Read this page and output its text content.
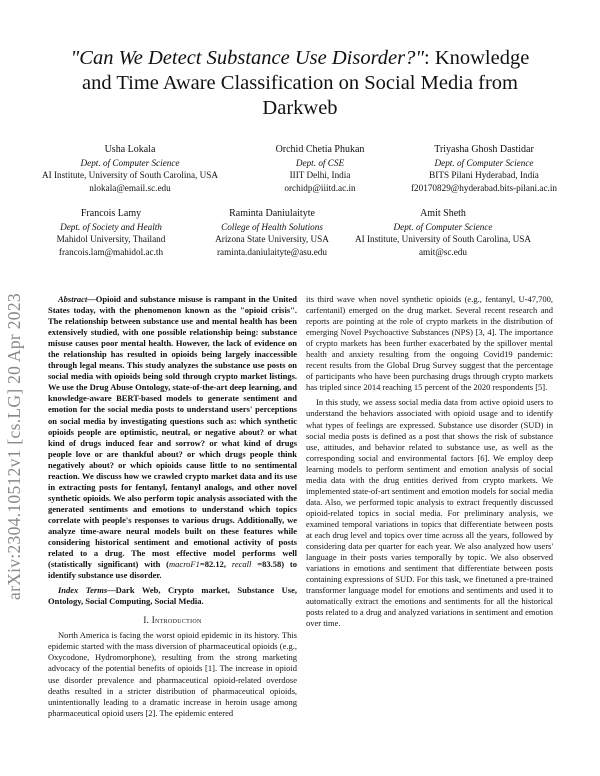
"Can We Detect Substance Use Disorder?": Knowledge and Time Aware Classification on Social Media from Darkweb
Usha Lokala
Dept. of Computer Science
AI Institute, University of South Carolina, USA
nlokala@email.sc.edu
Orchid Chetia Phukan
Dept. of CSE
IIIT Delhi, India
orchidp@iiitd.ac.in
Triyasha Ghosh Dastidar
Dept. of Computer Science
BITS Pilani Hyderabad, India
f20170829@hyderabad.bits-pilani.ac.in
Francois Lamy
Dept. of Society and Health
Mahidol University, Thailand
francois.lam@mahidol.ac.th
Raminta Daniulaityte
College of Health Solutions
Arizona State University, USA
raminta.daniulaityte@asu.edu
Amit Sheth
Dept. of Computer Science
AI Institute, University of South Carolina, USA
amit@sc.edu
arXiv:2304.10512v1 [cs.LG] 20 Apr 2023	Abstract—Opioid and substance misuse is rampant in the United States today, with the phenomenon known as the "opioid crisis". The relationship between substance use and mental health has been extensively studied, with one possible relationship being: substance misuse causes poor mental health. However, the lack of evidence on the relationship has resulted in opioids being largely inaccessible through legal means. This study analyzes the substance use posts on social media with opioids being sold through crypto market listings. We use the Drug Abuse Ontology, state-of-the-art deep learning, and knowledge-aware BERT-based models to generate sentiment and emotion for the social media posts to understand users' perceptions on social media by investigating questions such as: which synthetic opioids people are optimistic, neutral, or negative about? or what kind of drugs induced fear and sorrow? or what kind of drugs people love or are thankful about? or which drugs people think negatively about? or which opioids cause little to no sentimental reaction. We discuss how we crawled crypto market data and its use in extracting posts for fentanyl, fentanyl analogs, and other novel synthetic opioids. We also perform topic analysis associated with the generated sentiments and emotions to understand which topics correlate with people's responses to various drugs. Additionally, we analyze time-aware neural models built on these features while considering historical sentiment and emotional activity of posts related to a drug. The most effective model performs well (statistically significant) with (macroF1=82.12, recall =83.58) to identify substance use disorder.

Index Terms—Dark Web, Crypto market, Substance Use, Ontology, Social Computing, Social Media.

I. Introduction

North America is facing the worst opioid epidemic in its history. This epidemic started with the mass diversion of pharmaceutical opioids (e.g., Oxycodone, Hydromorphone), resulting from the strong marketing advocacy of the potential benefits of opioids [1]. The increase in opioid use disorder prevalence and pharmaceutical opioid-related overdose deaths resulted in a stricter distribution of pharmaceutical opioids, unintentionally leading to a dramatic increase in heroin usage among pharmaceutical opioid users [2]. The epidemic entered

its third wave when novel synthetic opioids (e.g., fentanyl, U-47,700, carfentanil) emerged on the drug market. Several recent research and reports are pointing at the role of crypto markets in the distribution of emerging Novel Psychoactive Substances (NPS) [3, 4]. The importance of crypto markets has been further exacerbated by the spillover mental health and anxiety resulting from the ongoing Covid19 pandemic: recent results from the Global Drug Survey suggest that the percentage of participants who have been purchasing drugs through crypto markets has tripled since 2014 reaching 15 percent of the 2020 respondents [5].

In this study, we assess social media data from active opioid users to understand the behaviors associated with opioid usage and to identify what types of feelings are expressed. Substance use disorder (SUD) in social media posts is defined as a post that shows the risk of substance use, attitudes, and behavior related to substance use, as well as the corresponding social and environmental factors [6]. We employ deep learning models to perform sentiment and emotion analysis of social media data with the drug entities derived from crypto markets. We implemented state-of-art sentiment and emotion models for social media data. Also, we performed topic analysis to extract frequently discussed opioid-related topics in social media. For preliminary analysis, we examined temporal variations in topics that differentiate between posts at each drug level and topics over time across all the years, followed by considering data per quarter for each year. We also analyzed how users' language in their posts varies temporally by topic. We also observed variations in emotions and sentiment that differentiate between posts containing expressions of SUD. For this task, we finetuned a pre-trained transformer language model for emotions and sentiments and used it to automatically extract the emotions and sentiments for all the historical posts related to a drug and analyzed variations in sentiment and emotion over time.
